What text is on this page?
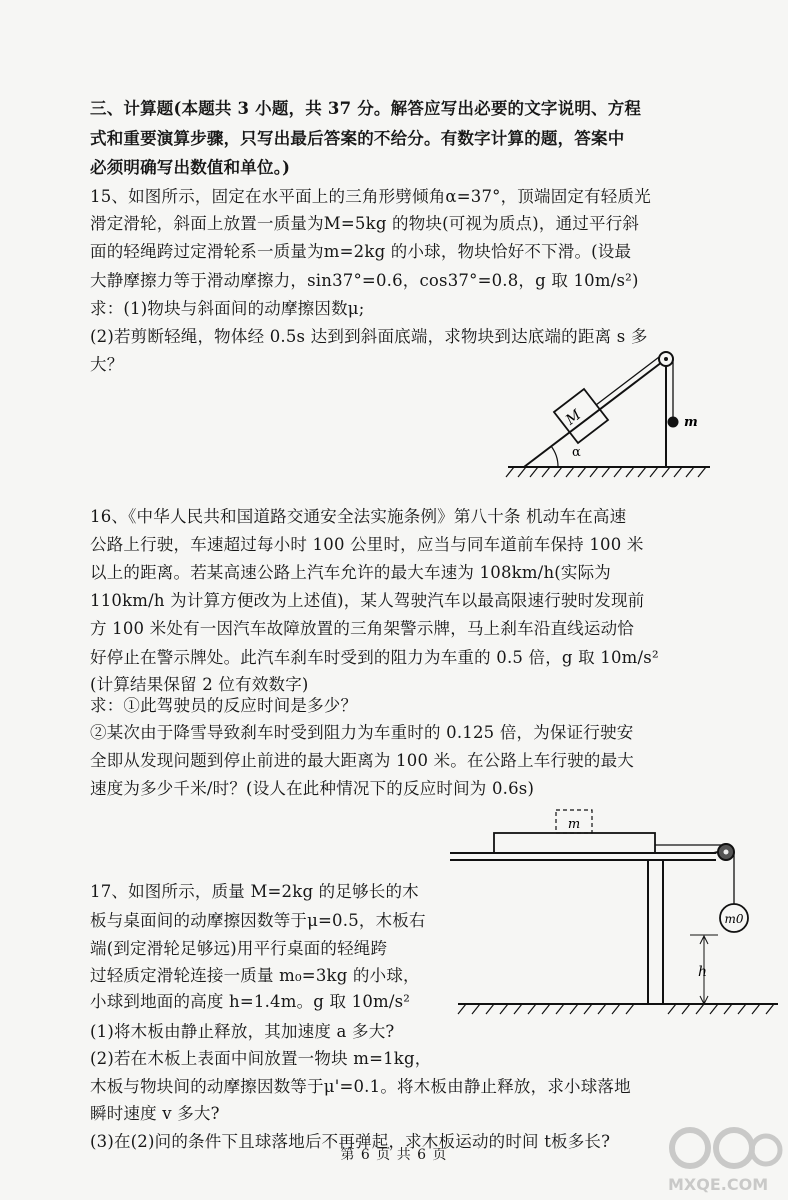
三、计算题(本题共 3 小题，共 37 分。解答应写出必要的文字说明、方程
式和重要演算步骤，只写出最后答案的不给分。有数字计算的题，答案中
必须明确写出数值和单位。)
15、如图所示，固定在水平面上的三角形劈倾角α=37°，顶端固定有轻质光
滑定滑轮，斜面上放置一质量为M=5kg 的物块(可视为质点)，通过平行斜
面的轻绳跨过定滑轮系一质量为m=2kg 的小球，物块恰好不下滑。(设最
大静摩擦力等于滑动摩擦力，sin37°=0.6，cos37°=0.8，g 取 10m/s²)
求：(1)物块与斜面间的动摩擦因数μ;
(2)若剪断轻绳，物体经 0.5s 达到到斜面底端，求物块到达底端的距离 s 多
大？
α
M	m
16、《中华人民共和国道路交通安全法实施条例》第八十条 机动车在高速
公路上行驶，车速超过每小时 100 公里时，应当与同车道前车保持 100 米
以上的距离。若某高速公路上汽车允许的最大车速为 108km/h(实际为
110km/h 为计算方便改为上述值)，某人驾驶汽车以最高限速行驶时发现前
方 100 米处有一因汽车故障放置的三角架警示牌，马上刹车沿直线运动恰
好停止在警示牌处。此汽车刹车时受到的阻力为车重的 0.5 倍，g 取 10m/s²
(计算结果保留 2 位有效数字)
求：①此驾驶员的反应时间是多少？
②某次由于降雪导致刹车时受到阻力为车重时的 0.125 倍，为保证行驶安
全即从发现问题到停止前进的最大距离为 100 米。在公路上车行驶的最大
速度为多少千米/时？(设人在此种情况下的反应时间为 0.6s)
m
m0
h
17、如图所示，质量 M=2kg 的足够长的木
板与桌面间的动摩擦因数等于μ=0.5，木板右
端(到定滑轮足够远)用平行桌面的轻绳跨
过轻质定滑轮连接一质量 m₀=3kg 的小球，
小球到地面的高度 h=1.4m。g 取 10m/s²
(1)将木板由静止释放，其加速度 a 多大?
(2)若在木板上表面中间放置一物块 m=1kg，
木板与物块间的动摩擦因数等于μ'=0.1。将木板由静止释放，求小球落地
瞬时速度 v 多大?
(3)在(2)问的条件下且球落地后不再弹起，求木板运动的时间 t板多长?
第 6 页 共 6 页
MXQE.COM
